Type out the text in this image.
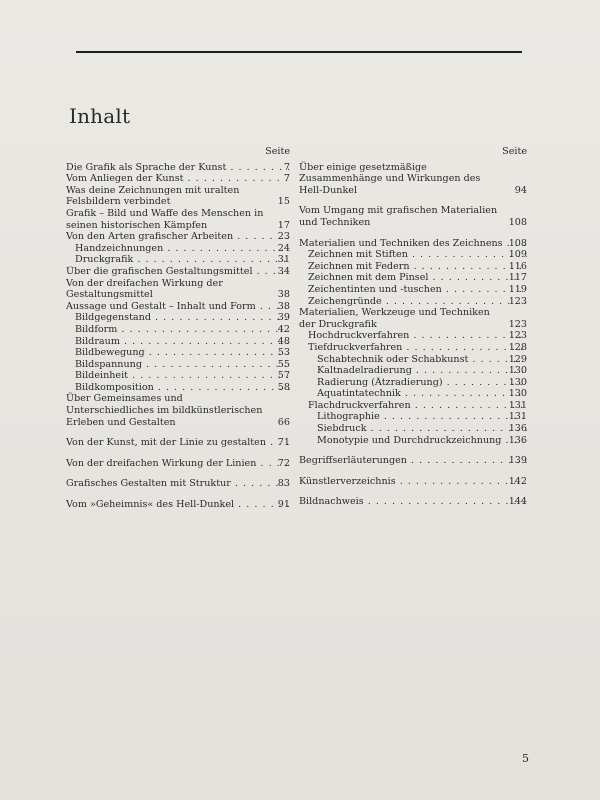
Inhalt
Seite
Die Grafik als Sprache der Kunst . . .	7
Vom Anliegen der Kunst . . .	7
Was deine Zeichnungen mit uralten Felsbildern verbindet	15
Grafik – Bild und Waffe des Menschen in seinen historischen Kämpfen	17
Von den Arten grafischer Arbeiten . . .	23
Handzeichnungen . . .	24
Druckgrafik . . .	31
Über die grafischen Gestaltungsmittel . . .	34
Von der dreifachen Wirkung der Gestaltungsmittel	38
Aussage und Gestalt – Inhalt und Form . . .	38
Bildgegenstand . . .	39
Bildform . . .	42
Bildraum . . .	48
Bildbewegung . . .	53
Bildspannung . . .	55
Bildeinheit . . .	57
Bildkomposition . . .	58
Über Gemeinsames und Unterschiedliches im bildkünstlerischen Erleben und Gestalten	66
Von der Kunst, mit der Linie zu gestalten . . .	71
Von der dreifachen Wirkung der Linien . . .	72
Grafisches Gestalten mit Struktur . . .	83
Vom »Geheimnis« des Hell-Dunkel . . .	91
Seite
Über einige gesetzmäßige Zusammenhänge und Wirkungen des Hell-Dunkel	94
Vom Umgang mit grafischen Materialien und Techniken	108
Materialien und Techniken des Zeichnens . . . 108
Zeichnen mit Stiften . . .	109
Zeichnen mit Federn . . .	116
Zeichnen mit dem Pinsel . . .	117
Zeichentinten und -tuschen . . .	119
Zeichengründe . . .	123
Materialien, Werkzeuge und Techniken der Druckgrafik	123
Hochdruckverfahren . . .	123
Tiefdruckverfahren . . .	128
Schabtechnik oder Schabkunst . . .	129
Kaltnadelradierung . . .	130
Radierung (Ätzradierung) . . .	130
Aquatintatechnik . . .	130
Flachdruckverfahren . . .	131
Lithographie . . .	131
Siebdruck . . .	136
Monotypie und Durchdruckzeichnung . . . 136
Begriffserläuterungen . . .	139
Künstlerverzeichnis . . .	142
Bildnachweis . . .	144
5
